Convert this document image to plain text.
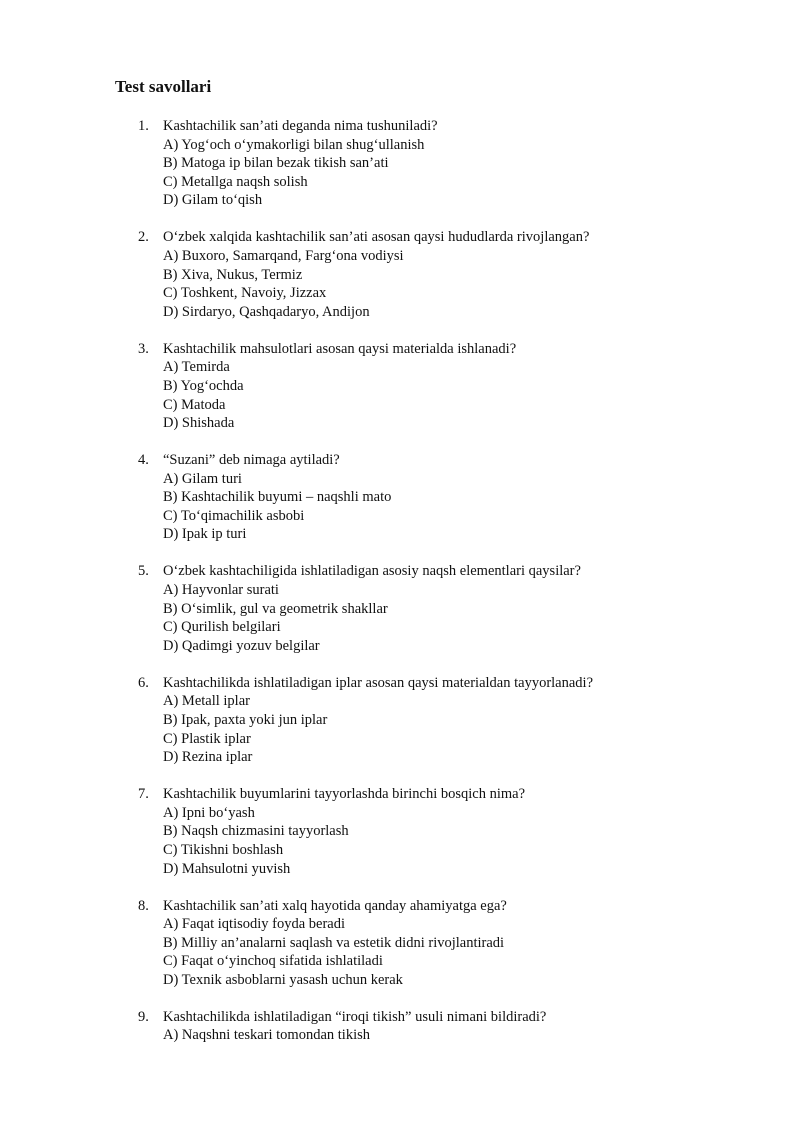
Test savollari
1. Kashtachilik san’ati deganda nima tushuniladi?
A) Yog‘och o‘ymakorligi bilan shug‘ullanish
B) Matoga ip bilan bezak tikish san’ati
C) Metallga naqsh solish
D) Gilam to‘qish
2. O‘zbek xalqida kashtachilik san’ati asosan qaysi hududlarda rivojlangan?
A) Buxoro, Samarqand, Farg‘ona vodiysi
B) Xiva, Nukus, Termiz
C) Toshkent, Navoiy, Jizzax
D) Sirdaryo, Qashqadaryo, Andijon
3. Kashtachilik mahsulotlari asosan qaysi materialda ishlanadi?
A) Temirda
B) Yog‘ochda
C) Matoda
D) Shishada
4. “Suzani” deb nimaga aytiladi?
A) Gilam turi
B) Kashtachilik buyumi – naqshli mato
C) To‘qimachilik asbobi
D) Ipak ip turi
5. O‘zbek kashtachiligida ishlatiladigan asosiy naqsh elementlari qaysilar?
A) Hayvonlar surati
B) O‘simlik, gul va geometrik shakllar
C) Qurilish belgilari
D) Qadimgi yozuv belgilar
6. Kashtachilikda ishlatiladigan iplar asosan qaysi materialdan tayyorlanadi?
A) Metall iplar
B) Ipak, paxta yoki jun iplar
C) Plastik iplar
D) Rezina iplar
7. Kashtachilik buyumlarini tayyorlashda birinchi bosqich nima?
A) Ipni bo‘yash
B) Naqsh chizmasini tayyorlash
C) Tikishni boshlash
D) Mahsulotni yuvish
8. Kashtachilik san’ati xalq hayotida qanday ahamiyatga ega?
A) Faqat iqtisodiy foyda beradi
B) Milliy an’analarni saqlash va estetik didni rivojlantiradi
C) Faqat o‘yinchoq sifatida ishlatiladi
D) Texnik asboblarni yasash uchun kerak
9. Kashtachilikda ishlatiladigan “iroqi tikish” usuli nimani bildiradi?
A) Naqshni teskari tomondan tikish
